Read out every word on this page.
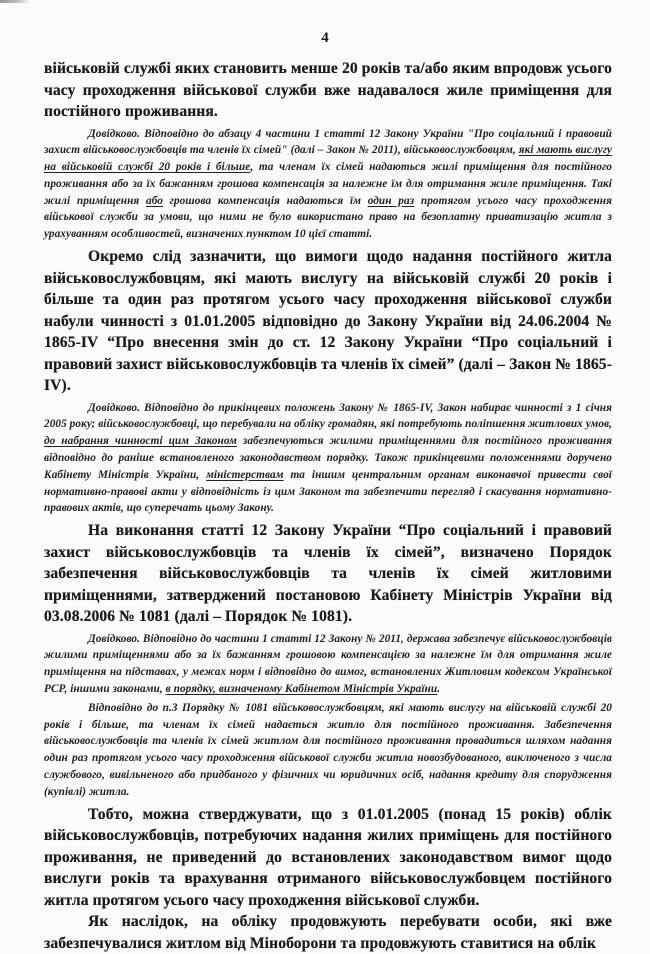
4

військовій службі яких становить менше 20 років та/або яким впродовж усього часу проходження військової служби вже надавалося жиле приміщення для постійного проживання.

Довідково. Відповідно до абзацу 4 частини 1 статті 12 Закону України "Про соціальний і правовий захист військовослужбовців та членів їх сімей" (далі – Закон № 2011), військовослужбовцям, які мають вислугу на військовій службі 20 років і більше, та членам їх сімей надаються жилі приміщення для постійного проживання або за їх бажанням грошова компенсація за належне їм для отримання жиле приміщення. Такі жилі приміщення або грошова компенсація надаються їм один раз протягом усього часу проходження військової служби за умови, що ними не було використано право на безоплатну приватизацію житла з урахуванням особливостей, визначених пунктом 10 цієї статті.

Окремо слід зазначити, що вимоги щодо надання постійного житла військовослужбовцям, які мають вислугу на військовій службі 20 років і більше та один раз протягом усього часу проходження військової служби набули чинності з 01.01.2005 відповідно до Закону України від 24.06.2004 № 1865-IV “Про внесення змін до ст. 12 Закону України “Про соціальний і правовий захист військовослужбовців та членів їх сімей” (далі – Закон № 1865-IV).

Довідково. Відповідно до прикінцевих положень Закону № 1865-IV, Закон набирає чинності з 1 січня 2005 року; військовослужбовці, що перебували на обліку громадян, які потребують поліпшення житлових умов, до набрання чинності цим Законом забезпечуються жилими приміщеннями для постійного проживання відповідно до раніше встановленого законодавством порядку. Також прикінцевими положеннями доручено Кабінету Міністрів України, міністерствам та іншим центральним органам виконавчої привести свої нормативно-правові акти у відповідність із цим Законом та забезпечити перегляд і скасування нормативно-правових актів, що суперечать цьому Закону.

На виконання статті 12 Закону України “Про соціальний і правовий захист військовослужбовців та членів їх сімей”, визначено Порядок забезпечення військовослужбовців та членів їх сімей житловими приміщеннями, затверджений постановою Кабінету Міністрів України від 03.08.2006 № 1081 (далі – Порядок № 1081).

Довідково. Відповідно до частини 1 статті 12 Закону № 2011, держава забезпечує військовослужбовців жилими приміщеннями або за їх бажанням грошовою компенсацією за належне їм для отримання жиле приміщення на підставах, у межах норм і відповідно до вимог, встановлених Житловим кодексом Української РСР, іншими законами, в порядку, визначеному Кабінетом Міністрів України.

Відповідно до п.3 Порядку № 1081 військовослужбовцям, які мають вислугу на військовій службі 20 років і більше, та членам їх сімей надається житло для постійного проживання. Забезпечення військовослужбовців та членів їх сімей житлом для постійного проживання провадиться шляхом надання один раз протягом усього часу проходження військової служби житла новозбудованого, виключеного з числа службового, вивільненого або придбаного у фізичних чи юридичних осіб, надання кредиту для спорудження (купівлі) житла.

Тобто, можна стверджувати, що з 01.01.2005 (понад 15 років) облік військовослужбовців, потребуючих надання жилих приміщень для постійного проживання, не приведений до встановлених законодавством вимог щодо вислуги років та врахування отриманого військовослужбовцем постійного житла протягом усього часу проходження військової служби.

Як наслідок, на обліку продовжують перебувати особи, які вже забезпечувалися житлом від Міноборони та продовжують ставитися на облік
